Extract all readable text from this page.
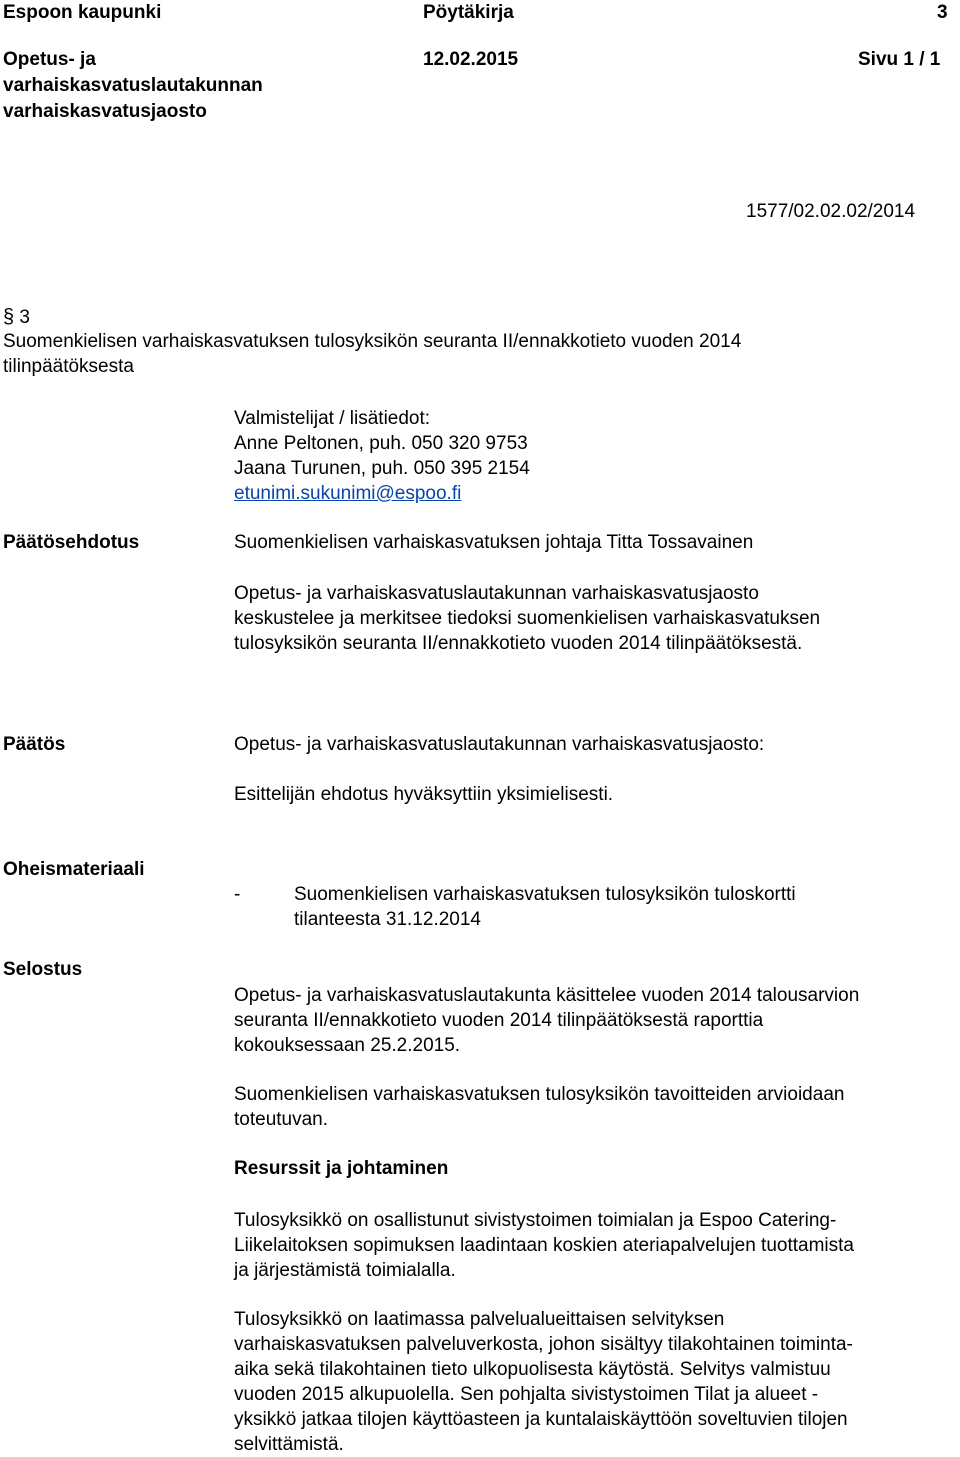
Espoon kaupunki	Pöytäkirja	3
Opetus- ja
varhaiskasvatuslautakunnan
varhaiskasvatusjaosto
12.02.2015	Sivu 1 / 1
1577/02.02.02/2014
§ 3
Suomenkielisen varhaiskasvatuksen tulosyksikön seuranta II/ennakkotieto vuoden 2014
tilinpäätöksesta
Valmistelijat / lisätiedot:
Anne Peltonen, puh. 050 320 9753
Jaana Turunen, puh. 050 395 2154
etunimi.sukunimi@espoo.fi
Päätösehdotus	Suomenkielisen varhaiskasvatuksen johtaja Titta Tossavainen
Opetus- ja varhaiskasvatuslautakunnan varhaiskasvatusjaosto
keskustelee ja merkitsee tiedoksi suomenkielisen varhaiskasvatuksen
tulosyksikön seuranta II/ennakkotieto vuoden 2014 tilinpäätöksestä.
Päätös	Opetus- ja varhaiskasvatuslautakunnan varhaiskasvatusjaosto:
Esittelijän ehdotus hyväksyttiin yksimielisesti.
Oheismateriaali
-	Suomenkielisen varhaiskasvatuksen tulosyksikön tuloskortti
tilanteesta 31.12.2014
Selostus
Opetus- ja varhaiskasvatuslautakunta käsittelee vuoden 2014 talousarvion
seuranta II/ennakkotieto vuoden 2014 tilinpäätöksestä raporttia
kokouksessaan 25.2.2015.
Suomenkielisen varhaiskasvatuksen tulosyksikön tavoitteiden arvioidaan
toteutuvan.
Resurssit ja johtaminen
Tulosyksikkö on osallistunut sivistystoimen toimialan ja Espoo Catering-
Liikelaitoksen sopimuksen laadintaan koskien ateriapalvelujen tuottamista
ja järjestämistä toimialalla.
Tulosyksikkö on laatimassa palvelualueittaisen selvityksen
varhaiskasvatuksen palveluverkosta, johon sisältyy tilakohtainen toiminta-
aika sekä tilakohtainen tieto ulkopuolisesta käytöstä. Selvitys valmistuu
vuoden 2015 alkupuolella. Sen pohjalta sivistystoimen Tilat ja alueet -
yksikkö jatkaa tilojen käyttöasteen ja kuntalaiskäyttöön soveltuvien tilojen
selvittämistä.
